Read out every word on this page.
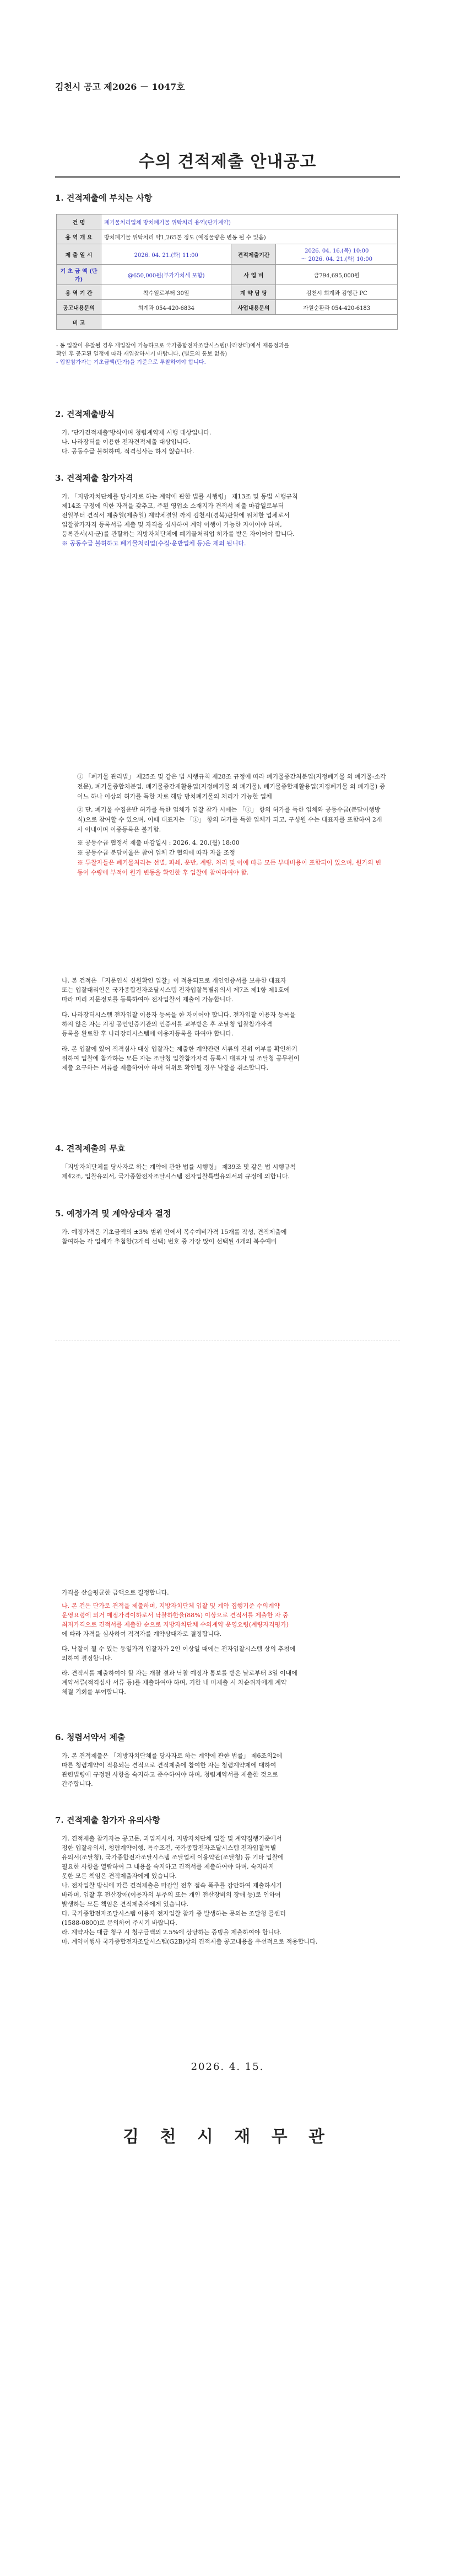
김천시 공고 제2026 － 1047호
수의 견적제출 안내공고
1. 견적제출에 부치는 사항
건 명	폐기물처리업체 방치폐기물 위탁처리 용역(단가계약)		
용 역 개 요	방치폐기물 위탁처리 약1,265톤 정도 (예정물량은 변동 될 수 있음)		
제 출 일 시	2026. 04. 21.(화) 11:00	견적제출기간	2026. 04. 16.(목) 10:00
～ 2026. 04. 21.(화) 10:00

기 초 금 액 (단 가)	@650,000원(부가가치세 포함)	사 업 비	금794,695,000원
용 역 기 간	착수일로부터 30일	계 약 담 당	김천시 회계과 김행관 PC
공고내용문의	회계과 054-420-6834	사업내용문의	자원순환과 054-420-6183
비 고			
- 동 입찰이 유찰될 경우 재입찰이 가능하므로 국가종합전자조달시스템(나라장터)에서 재통정과를
확인 후 공고된 일정에 따라 재입찰하시기 바랍니다. (별도의 통보 없음)
- 입찰참가자는 기초금액(단가)을 기준으로 투찰하여야 합니다.
2. 견적제출방식
가. '단가견적제출'방식이며 청렴계약제 시행 대상입니다.
나. 나라장터를 이용한 전자견적제출 대상입니다.
다. 공동수급 불허하며, 적격심사는 하지 않습니다.
3. 견적제출 참가자격
가. 「지방자치단체를 당사자로 하는 계약에 관한 법률 시행령」 제13조 및 동법 시행규칙
제14조 규정에 의한 자격을 갖추고, 주된 영업소 소재지가 견적서 제출 마감일로부터
전일부터 견적서 제출일(제출일) 계약체결일 까지 김천시(경북)관할에 위치한 업체로서
입찰참가자격 등록서류 제출 및 자격을 심사하여 계약 이행이 가능한 자이어야 하며,
등록관서(시·군)를 관할하는 지방자치단체에 폐기물처리업 허가를 받은 자이어야 합니다.
※ 공동수급 불허하고 폐기물처리업(수집·운반업체 등)은 제외 됩니다.

① 「폐기물 관리법」 제25조 및 같은 법 시행규칙 제28조 규정에 따라 폐기물중간처분업(지정폐기물 외 폐기물-소각전문), 폐기물종합처분업, 폐기물중간재활용업(지정폐기물 외 폐기물), 폐기물종합재활용업(지정폐기물 외 폐기물) 중 어느 하나 이상의 허가를 득한 자로 해당 방치폐기물의 처리가 가능한 업체

② 단, 폐기물 수집운반 허가를 득한 업체가 입찰 참가 시에는 「①」 항의 허가를 득한 업체와 공동수급(분담이행방식)으로 참여할 수 있으며, 이때 대표자는 「①」 항의 허가를 득한 업체가 되고, 구성원 수는 대표자를 포함하여 2개사 이내이며 이중등록은 불가함.

※ 공동수급 협정서 제출 마감일시 : 2026. 4. 20.(월) 18:00

※ 공동수급 분담이율은 참여 업체 간 협의에 따라 자율 조정

※ 투찰자들은 폐기물처리는 선별, 파쇄, 운반, 계량, 처리 및 이에 따른 모든 부대비용이 포함되어 있으며, 원가의 변동이 수량에 부적어 원가 변동을 확인한 후 입찰에 참여하여야 함.

나. 본 건적은 「지문인식 신원확인 입찰」이 적용되므로 개인인증서를 보유한 대표자
또는 입찰대리인은 국가종합전자조달시스템 전자입찰특별유의서 제7조 제1항 제1호에
따라 미리 지문정보를 등록하여야 전자입찰서 제출이 가능합니다.
다. 나라장터시스템 전자입찰 이용자 등록을 한 자이어야 합니다. 전자입찰 이용자 등록을
하지 않은 자는 지정 공인인증기관의 인증서를 교부받은 후 조달청 입찰참가자격
등록을 완료한 후 나라장터시스템에 이용자등록을 하여야 합니다.
라. 본 입찰에 있어 적격심사 대상 입찰자는 제출한 계약관련 서류의 진위 여부를 확인하기
위하여 입찰에 참가하는 모든 자는 조달청 입찰참가자격 등록시 대표자 및 조달청 공무원이
제출 요구하는 서류를 제출하여야 하며 허위로 확인될 경우 낙찰을 취소합니다.
4. 견적제출의 무효
「지방자치단체를 당사자로 하는 계약에 관한 법률 시행령」 제39조 및 같은 법 시행규칙
제42조, 입찰유의서, 국가종합전자조달시스템 전자입찰특별유의서의 규정에 의합니다.
5. 예정가격 및 계약상대자 결정
가. 예정가격은 기초금액의 ±3% 범위 안에서 복수예비가격 15개를 작성, 견적제출에
참여하는 각 업체가 추첨한(2개씩 선택) 번호 중 가장 많이 선택된 4개의 복수예비
가격을 산술평균한 금액으로 결정합니다.
나. 본 건은 단가로 견적을 제출하며, 지방자치단체 입찰 및 계약 집행기준 수의계약
운영요령에 의거 예정가격이하로서 낙찰하한율(88%) 이상으로 견적서를 제출한 자 중
최저가격으로 견적서를 제출한 순으로 지방자치단체 수의계약 운영요령(계량자격평가)
에 따라 자격을 심사하여 적격자를 계약상대자로 결정합니다.
다. 낙찰이 될 수 있는 동일가격 입찰자가 2인 이상일 때에는 전자입찰시스템 상의 추첨에
의하여 결정합니다.
라. 견적서를 제출하여야 할 자는 개찰 결과 낙찰 예정자 통보를 받은 날로부터 3일 이내에
계약서류(적격심사 서류 등)를 제출하여야 하며, 기한 내 미제출 시 차순위자에게 계약
체결 기회를 부여합니다.
6. 청렴서약서 제출
가. 본 견적제출은 「지방자치단체를 당사자로 하는 계약에 관한 법률」 제6조의2에
따른 청렴계약이 적용되는 견적으로 견적제출에 참여한 자는 청렴계약제에 대하여
관련법령에 규정된 사항을 숙지하고 준수하여야 하며, 청렴계약서를 제출한 것으로
간주합니다.
7. 견적제출 참가자 유의사항
가. 견적제출 참가자는 공고문, 과업지시서, 지방자치단체 입찰 및 계약집행기준에서
정한 입찰유의서, 청렴계약이행, 특수조건, 국가종합전자조달시스템 전자입찰특별
유의서(조달청), 국가종합전자조달시스템 조달업체 이용약관(조달청) 등 기타 입찰에
필요한 사항을 열람하여 그 내용을 숙지하고 견적서를 제출하여야 하며, 숙지하지
못한 모든 책임은 견적제출자에게 있습니다.
나. 전자입찰 방식에 따른 견적제출은 마감일 전후 접속 폭주를 감안하여 제출하시기
바라며, 입찰 후 전산장애(이용자의 부주의 또는 개인 전산장비의 장애 등)로 인하여
발생하는 모든 책임은 견적제출자에게 있습니다.
다. 국가종합전자조달시스템 이용자 전자입찰 참가 중 발생하는 문의는 조달청 콜센터
(1588-0800)로 문의하여 주시기 바랍니다.
라. 계약자는 대금 청구 시 청구금액의 2.5%에 상당하는 증빙을 제출하여야 합니다.
마. 계약이행사 국가종합전자조달시스템(G2B)상의 견적제출 공고내용을 우선적으로 적용합니다.
2026. 4. 15.
김 천 시 재 무 관
